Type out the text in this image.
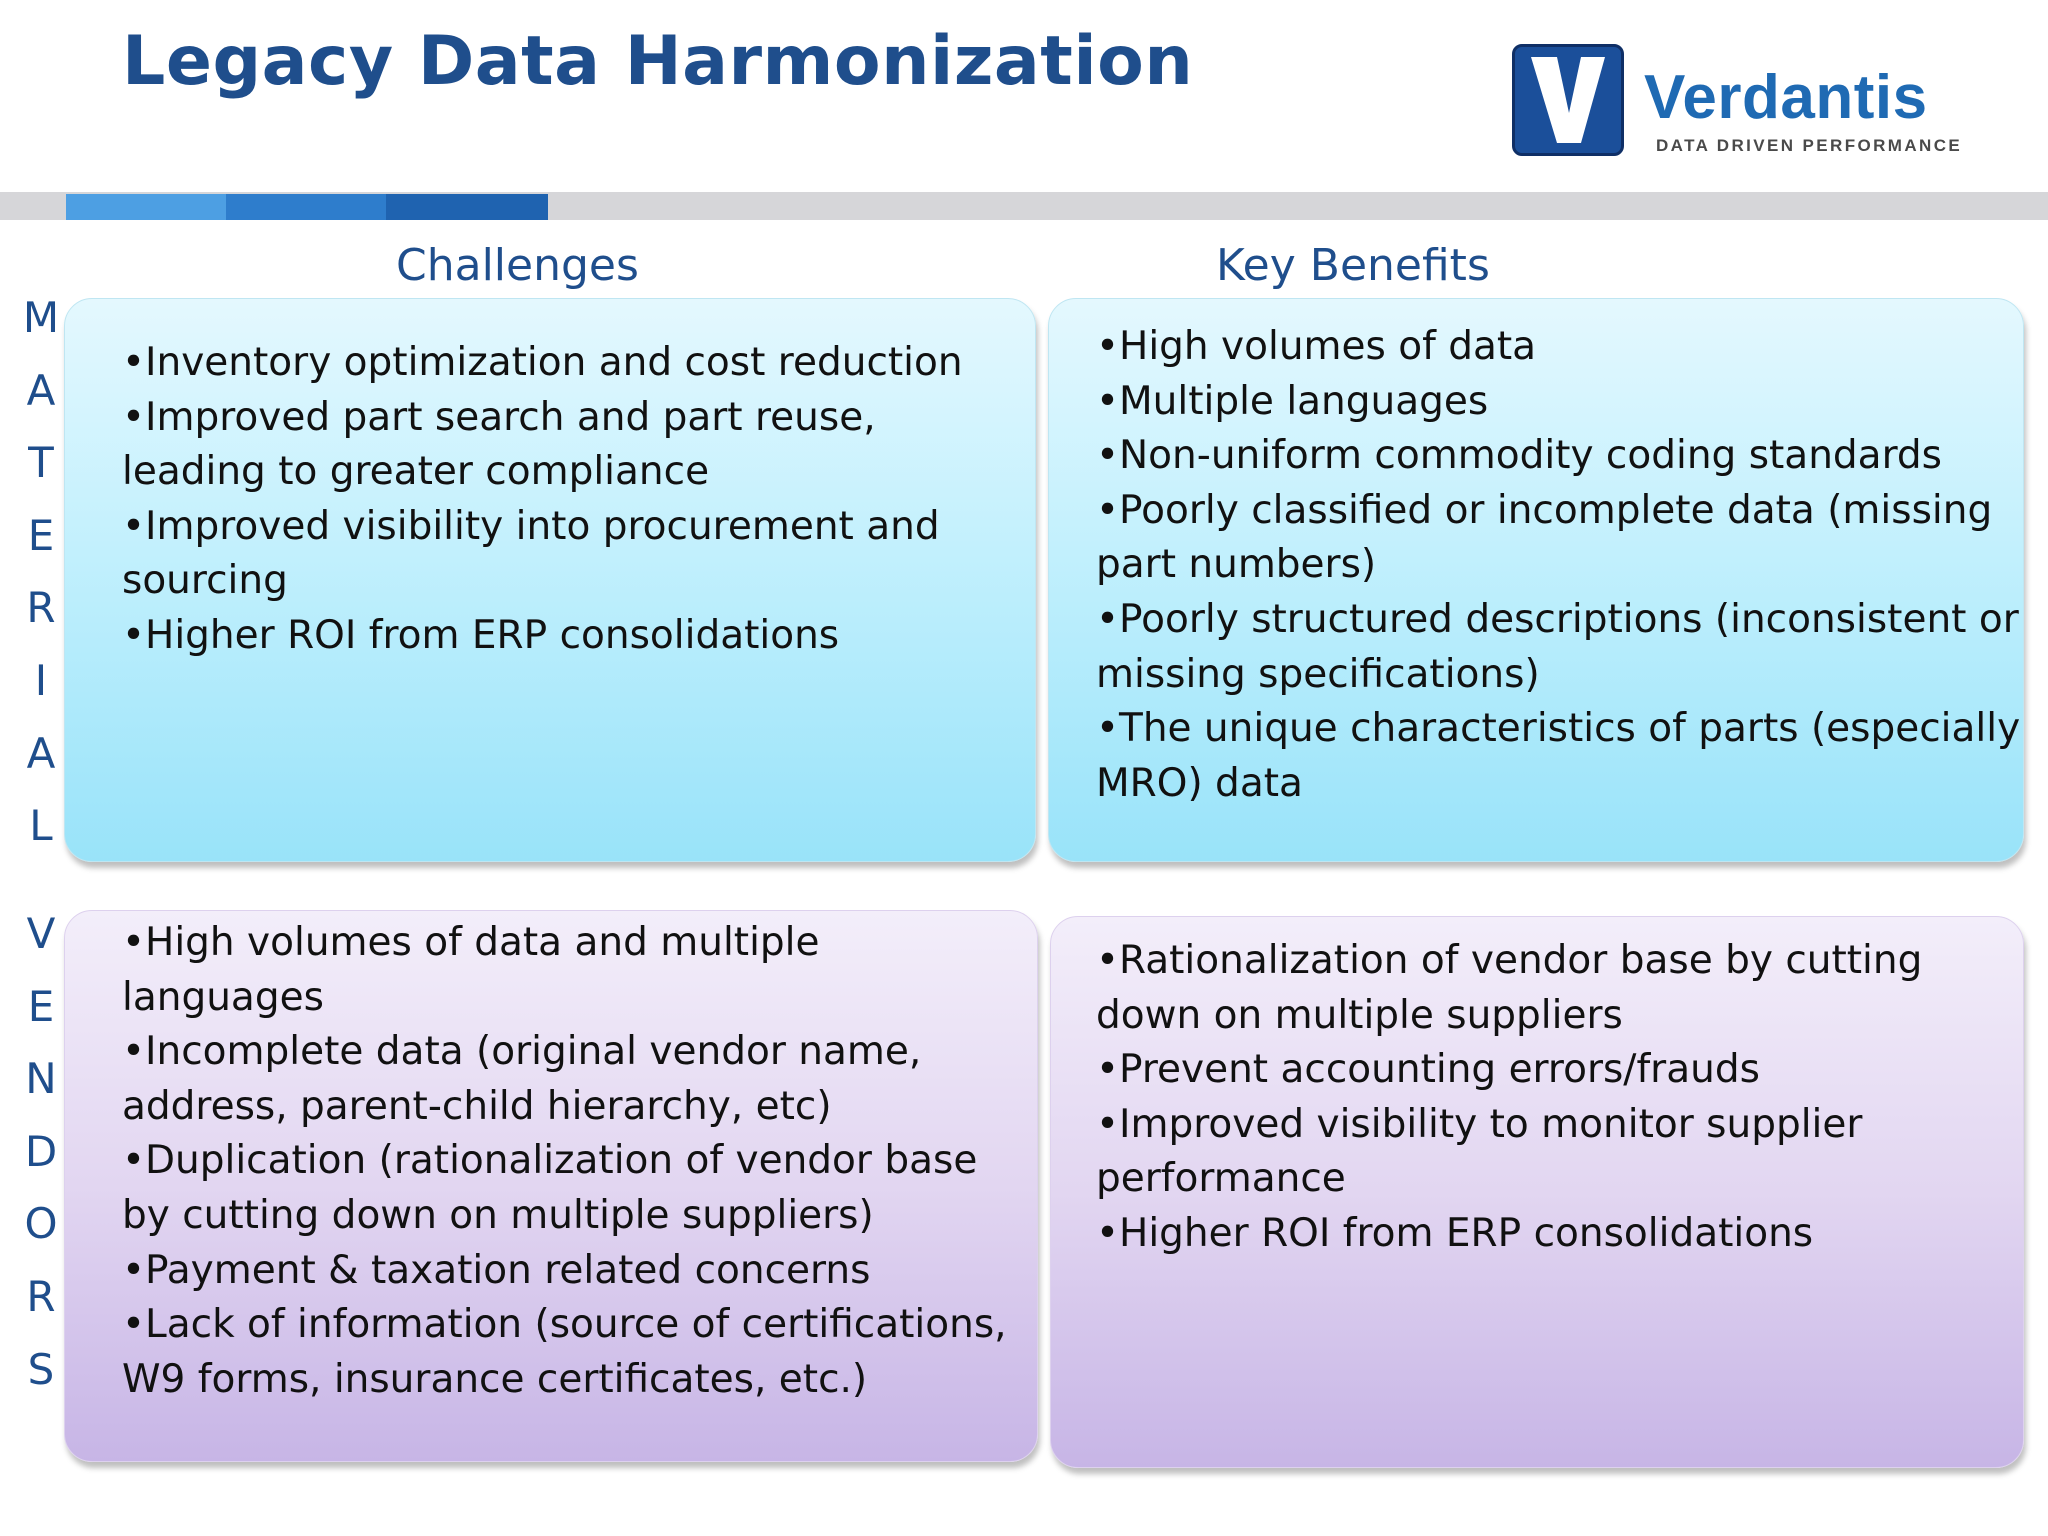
Legacy Data Harmonization	Verdantis
DATA DRIVEN PERFORMANCE
Challenges	Key Benefits
M
A
T
E
R
I
A
L
V
E
N
D
O
R
S
•Inventory optimization and cost reduction
•Improved part search and part reuse, leading to greater compliance
•Improved visibility into procurement and sourcing
•Higher ROI from ERP consolidations
•High volumes of data
•Multiple languages
•Non-uniform commodity coding standards
•Poorly classified or incomplete data (missing part numbers)
•Poorly structured descriptions (inconsistent or missing specifications)
•The unique characteristics of parts (especially MRO) data
•High volumes of data and multiple languages
•Incomplete data (original vendor name, address, parent-child hierarchy, etc)
•Duplication (rationalization of vendor base by cutting down on multiple suppliers)
•Payment & taxation related concerns
•Lack of information (source of certifications, W9 forms, insurance certificates, etc.)
•Rationalization of vendor base by cutting down on multiple suppliers
•Prevent accounting errors/frauds
•Improved visibility to monitor supplier performance
•Higher ROI from ERP consolidations
